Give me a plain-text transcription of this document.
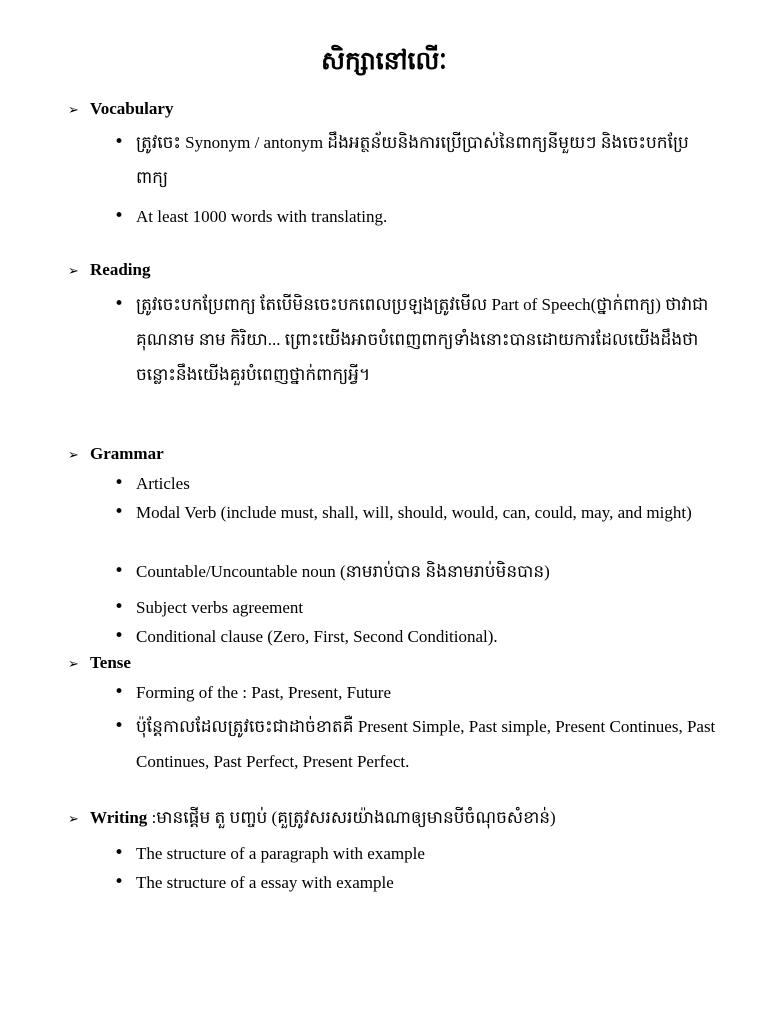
សិក្សានៅលើៈ
➢ Vocabulary
• ត្រូវចេះ Synonym / antonym ដឹងអត្ថន័យនិងការប្រើប្រាស់នៃពាក្យនីមួយៗ និងចេះបកប្រែពាក្យ
• At least 1000 words with translating.
➢ Reading
• ត្រូវចេះបកប្រែពាក្យ តែបើមិនចេះបកពេលប្រឡងត្រូវមើល Part of Speech(ថ្នាក់ពាក្យ) ថាវាជា គុណនាម នាម កិរិយា... ព្រោះយើងអាចបំពេញពាក្យទាំងនោះបានដោយការដែលយើងដឹងថាចន្លោះនឹងយើងគួរបំពេញថ្នាក់ពាក្យអ្វី។
➢ Grammar
• Articles
• Modal Verb (include must, shall, will, should, would, can, could, may, and might)
• Countable/Uncountable noun (នាមរាប់បាន និងនាមរាប់មិនបាន)
• Subject verbs agreement
• Conditional clause (Zero, First, Second Conditional).
➢ Tense
• Forming of the : Past, Present, Future
• ប៉ុន្តែកាលដែលត្រូវចេះជាដាច់ខាតគឺ Present Simple, Past simple, Present Continues, Past Continues, Past Perfect, Present Perfect.
➢ Writing :មានផ្ដើម តួ បញ្ចប់ (គួត្រូវសរសរយ៉ាងណាឲ្យមានបីចំណុចសំខាន់)
• The structure of a paragraph with example
• The structure of a essay with example
